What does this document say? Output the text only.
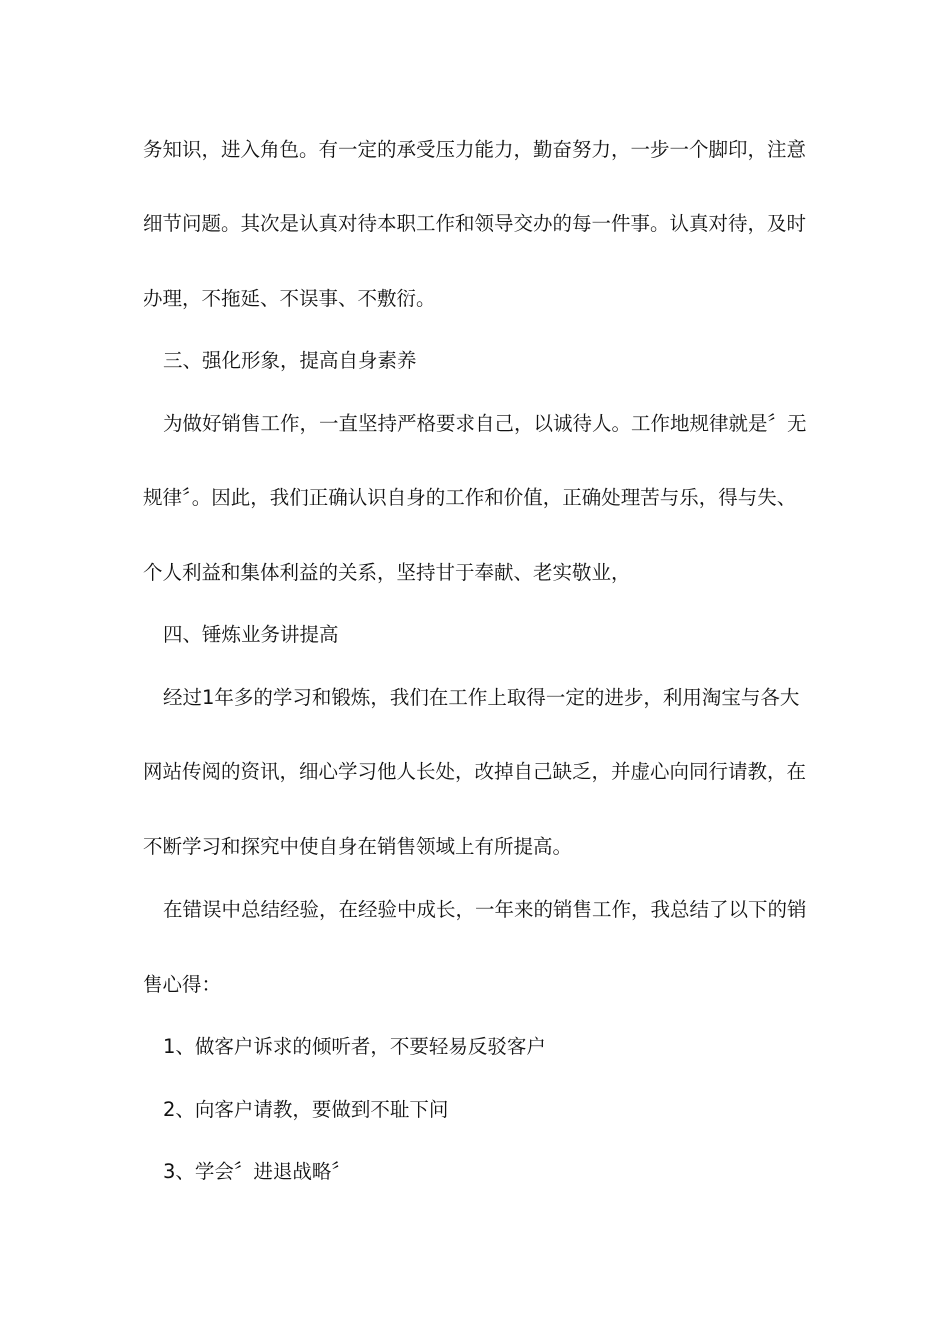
务知识，进入角色。有一定的承受压力能力，勤奋努力，一步一个脚印，注意
细节问题。其次是认真对待本职工作和领导交办的每一件事。认真对待，及时
办理，不拖延、不误事、不敷衍。
三、强化形象，提高自身素养
为做好销售工作，一直坚持严格要求自己，以诚待人。工作地规律就是〞无
规律〞。因此，我们正确认识自身的工作和价值，正确处理苦与乐，得与失、
个人利益和集体利益的关系，坚持甘于奉献、老实敬业，
四、锤炼业务讲提高
经过1年多的学习和锻炼，我们在工作上取得一定的进步，利用淘宝与各大
网站传阅的资讯，细心学习他人长处，改掉自己缺乏，并虚心向同行请教，在
不断学习和探究中使自身在销售领域上有所提高。
在错误中总结经验，在经验中成长，一年来的销售工作，我总结了以下的销
售心得：
1、做客户诉求的倾听者，不要轻易反驳客户
2、向客户请教，要做到不耻下问
3、学会〞进退战略〞
